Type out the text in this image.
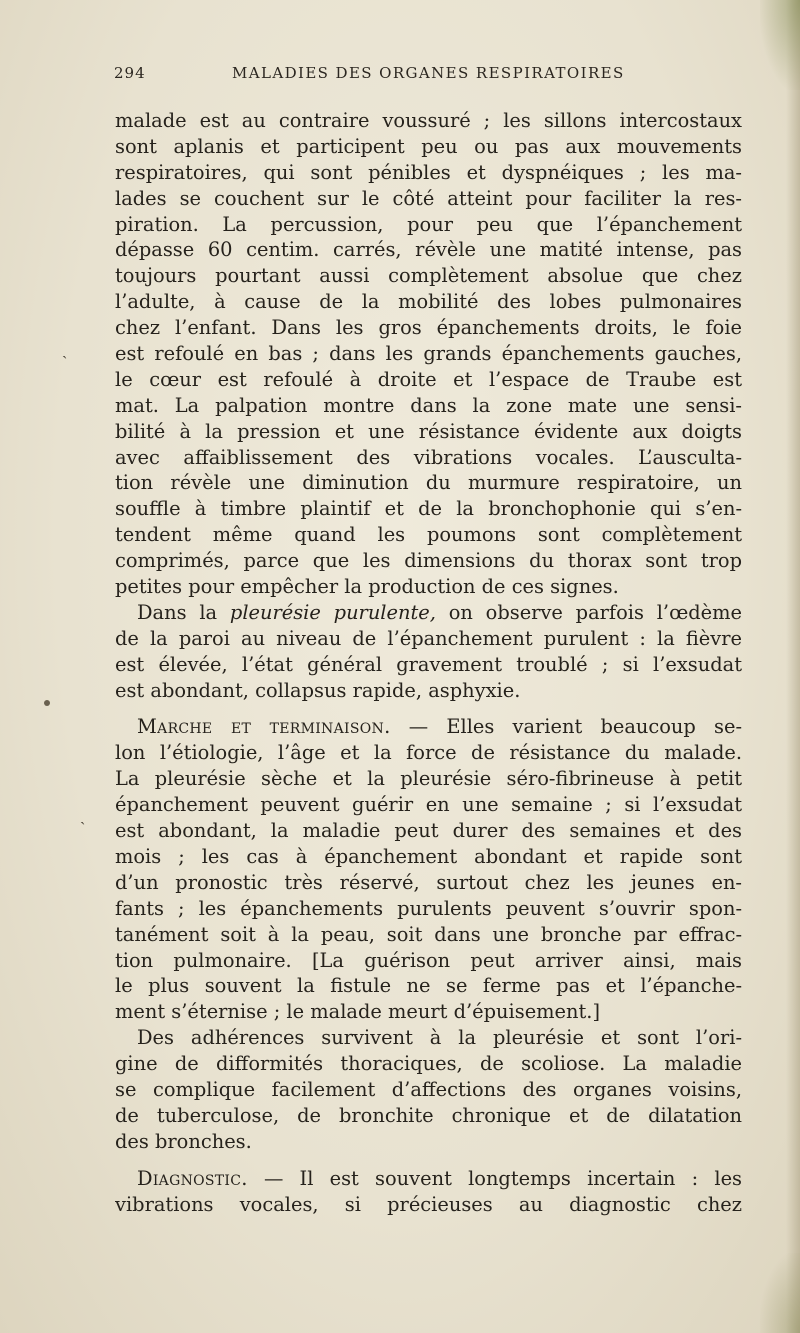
294	MALADIES DES ORGANES RESPIRATOIRES
ˏ
ˏ
malade est au contraire voussuré ; les sillons intercostaux
sont aplanis et participent peu ou pas aux mouvements
respiratoires, qui sont pénibles et dyspnéiques ; les ma-
lades se couchent sur le côté atteint pour faciliter la res-
piration. La percussion, pour peu que l’épanchement
dépasse 60 centim. carrés, révèle une matité intense, pas
toujours pourtant aussi complètement absolue que chez
l’adulte, à cause de la mobilité des lobes pulmonaires
chez l’enfant. Dans les gros épanchements droits, le foie
est refoulé en bas ; dans les grands épanchements gauches,
le cœur est refoulé à droite et l’espace de Traube est
mat. La palpation montre dans la zone mate une sensi-
bilité à la pression et une résistance évidente aux doigts
avec affaiblissement des vibrations vocales. L’ausculta-
tion révèle une diminution du murmure respiratoire, un
souffle à timbre plaintif et de la bronchophonie qui s’en-
tendent même quand les poumons sont complètement
comprimés, parce que les dimensions du thorax sont trop
petites pour empêcher la production de ces signes.
Dans la pleurésie purulente, on observe parfois l’œdème
de la paroi au niveau de l’épanchement purulent : la fièvre
est élevée, l’état général gravement troublé ; si l’exsudat
est abondant, collapsus rapide, asphyxie.
Marche et terminaison. — Elles varient beaucoup se-
lon l’étiologie, l’âge et la force de résistance du malade.
La pleurésie sèche et la pleurésie séro-fibrineuse à petit
épanchement peuvent guérir en une semaine ; si l’exsudat
est abondant, la maladie peut durer des semaines et des
mois ; les cas à épanchement abondant et rapide sont
d’un pronostic très réservé, surtout chez les jeunes en-
fants ; les épanchements purulents peuvent s’ouvrir spon-
tanément soit à la peau, soit dans une bronche par effrac-
tion pulmonaire. [La guérison peut arriver ainsi, mais
le plus souvent la fistule ne se ferme pas et l’épanche-
ment s’éternise ; le malade meurt d’épuisement.]
Des adhérences survivent à la pleurésie et sont l’ori-
gine de difformités thoraciques, de scoliose. La maladie
se complique facilement d’affections des organes voisins,
de tuberculose, de bronchite chronique et de dilatation
des bronches.
Diagnostic. — Il est souvent longtemps incertain : les
vibrations vocales, si précieuses au diagnostic chez
